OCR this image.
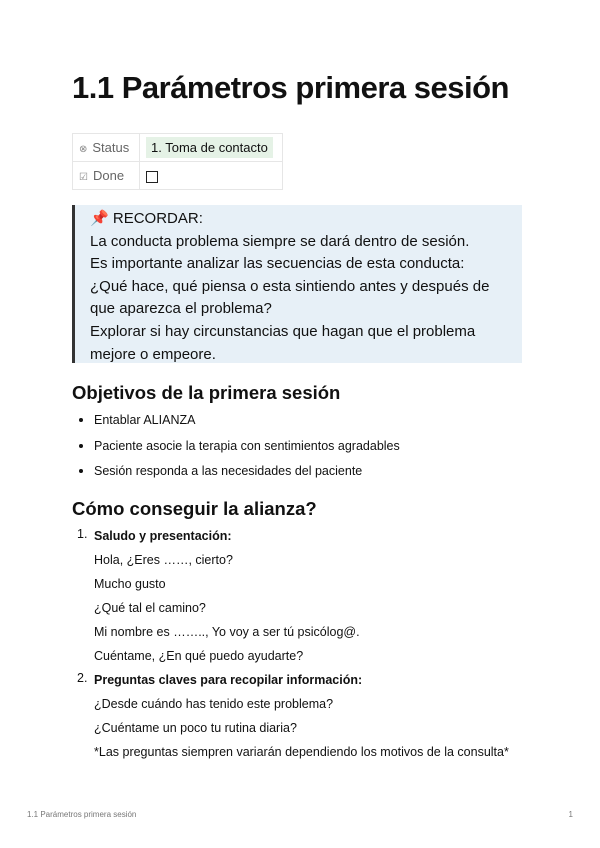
1.1 Parámetros primera sesión
⊗ Status	1. Toma de contacto
☑ Done	

📌 RECORDAR:

La conducta problema siempre se dará dentro de sesión.

Es importante analizar las secuencias de esta conducta:

¿Qué hace, qué piensa o esta sintiendo antes y después de

que aparezca el problema?

Explorar si hay circunstancias que hagan que el problema

mejore o empeore.

Objetivos de la primera sesión
Entablar ALIANZA
Paciente asocie la terapia con sentimientos agradables
Sesión responda a las necesidades del paciente
Cómo conseguir la alianza?
1. Saludo y presentación:
Hola, ¿Eres ……, cierto?
Mucho gusto
¿Qué tal el camino?
Mi nombre es …….., Yo voy a ser tú psicólog@.
Cuéntame, ¿En qué puedo ayudarte?
2. Preguntas claves para recopilar información:
¿Desde cuándo has tenido este problema?
¿Cuéntame un poco tu rutina diaria?
*Las preguntas siempren variarán dependiendo los motivos de la consulta*
1.1 Parámetros primera sesión	1
